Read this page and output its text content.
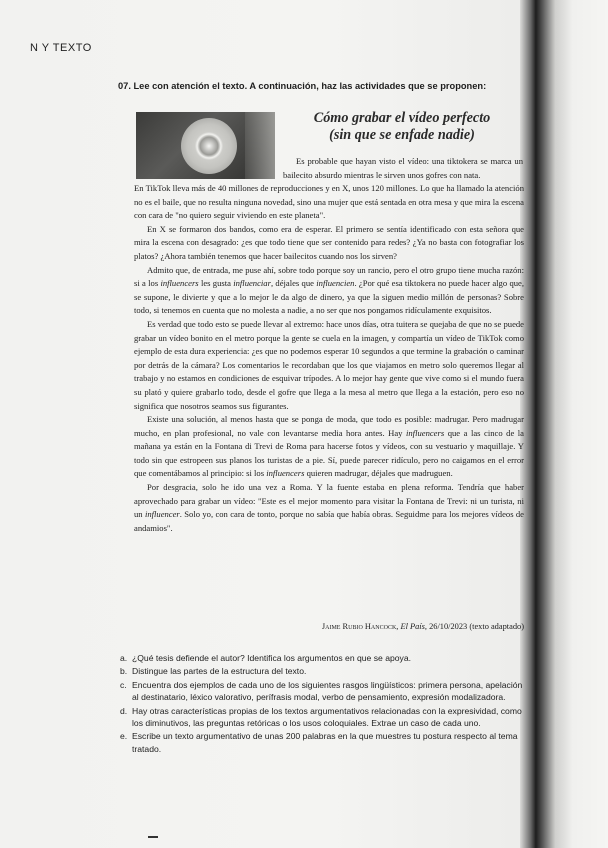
N Y TEXTO
07. Lee con atención el texto. A continuación, haz las actividades que se proponen:
Cómo grabar el vídeo perfecto
(sin que se enfade nadie)

Es probable que hayan visto el vídeo: una tiktokera se marca un bailecito absurdo mientras le sirven unos gofres con nata.

En TikTok lleva más de 40 millones de reproducciones y en X, unos 120 millones. Lo que ha llamado la atención no es el baile, que no resulta ninguna novedad, sino una mujer que está sentada en otra mesa y que mira la escena con cara de "no quiero seguir viviendo en este planeta".

En X se formaron dos bandos, como era de esperar. El primero se sentía identificado con esta señora que mira la escena con desagrado: ¿es que todo tiene que ser contenido para redes? ¿Ya no basta con fotografiar los platos? ¿Ahora también tenemos que hacer bailecitos cuando nos los sirven?

Admito que, de entrada, me puse ahí, sobre todo porque soy un rancio, pero el otro grupo tiene mucha razón: si a los influencers les gusta influenciar, déjales que influencien. ¿Por qué esa tiktokera no puede hacer algo que, se supone, le divierte y que a lo mejor le da algo de dinero, ya que la siguen medio millón de personas? Sobre todo, si tenemos en cuenta que no molesta a nadie, a no ser que nos pongamos ridículamente exquisitos.

Es verdad que todo esto se puede llevar al extremo: hace unos días, otra tuitera se quejaba de que no se puede grabar un vídeo bonito en el metro porque la gente se cuela en la imagen, y compartía un vídeo de TikTok como ejemplo de esta dura experiencia: ¿es que no podemos esperar 10 segundos a que termine la grabación o caminar por detrás de la cámara? Los comentarios le recordaban que los que viajamos en metro solo queremos llegar al trabajo y no estamos en condiciones de esquivar trípodes. A lo mejor hay gente que vive como si el mundo fuera su plató y quiere grabarlo todo, desde el gofre que llega a la mesa al metro que llega a la estación, pero eso no significa que nosotros seamos sus figurantes.

Existe una solución, al menos hasta que se ponga de moda, que todo es posible: madrugar. Pero madrugar mucho, en plan profesional, no vale con levantarse media hora antes. Hay influencers que a las cinco de la mañana ya están en la Fontana di Trevi de Roma para hacerse fotos y vídeos, con su vestuario y maquillaje. Y todo sin que estropeen sus planos los turistas de a pie. Sí, puede parecer ridículo, pero no caigamos en el error que comentábamos al principio: si los influencers quieren madrugar, déjales que madruguen.

Por desgracia, solo he ido una vez a Roma. Y la fuente estaba en plena reforma. Tendría que haber aprovechado para grabar un vídeo: "Este es el mejor momento para visitar la Fontana de Trevi: ni un turista, ni un influencer. Solo yo, con cara de tonto, porque no sabía que había obras. Seguidme para los mejores vídeos de andamios".

Jaime Rubio Hancock, El País, 26/10/2023 (texto adaptado)
a. ¿Qué tesis defiende el autor? Identifica los argumentos en que se apoya.
b. Distingue las partes de la estructura del texto.
c. Encuentra dos ejemplos de cada uno de los siguientes rasgos lingüísticos: primera persona, apelación al destinatario, léxico valorativo, perífrasis modal, verbo de pensamiento, expresión modalizadora.
d. Hay otras características propias de los textos argumentativos relacionadas con la expresividad, como los diminutivos, las preguntas retóricas o los usos coloquiales. Extrae un caso de cada uno.
e. Escribe un texto argumentativo de unas 200 palabras en la que muestres tu postura respecto al tema tratado.
